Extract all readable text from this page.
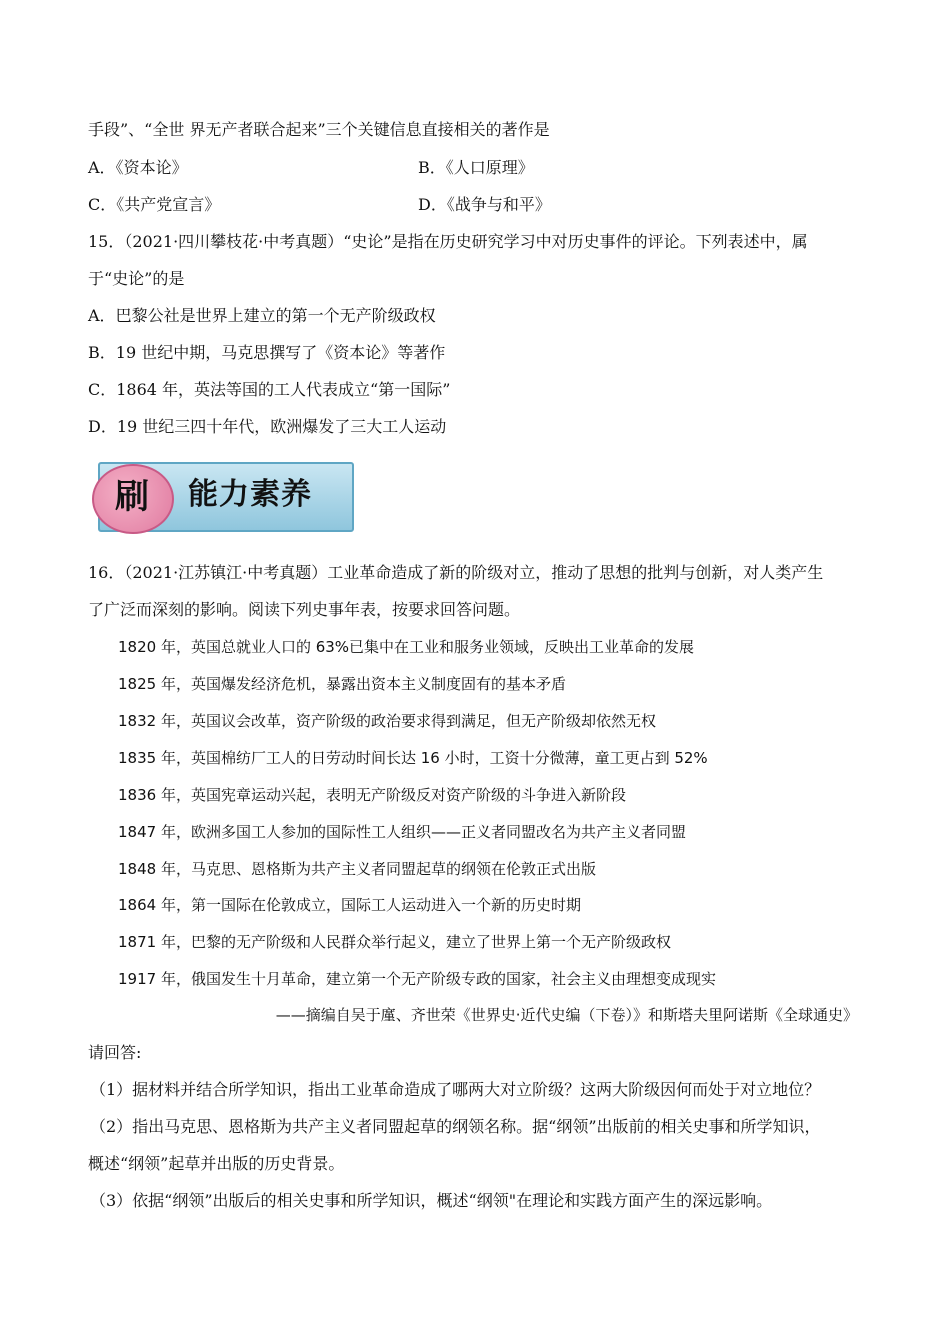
手段”、“全世 界无产者联合起来”三个关键信息直接相关的著作是
A．《资本论》	B．《人口原理》
C．《共产党宣言》	D．《战争与和平》
15．（2021·四川攀枝花·中考真题）“史论”是指在历史研究学习中对历史事件的评论。下列表述中，属
于“史论”的是
A．巴黎公社是世界上建立的第一个无产阶级政权
B．19 世纪中期，马克思撰写了《资本论》等著作
C．1864 年，英法等国的工人代表成立“第一国际”
D．19 世纪三四十年代，欧洲爆发了三大工人运动
刷	能力素养
16．（2021·江苏镇江·中考真题）工业革命造成了新的阶级对立，推动了思想的批判与创新，对人类产生
了广泛而深刻的影响。阅读下列史事年表，按要求回答问题。
1820 年，英国总就业人口的 63%已集中在工业和服务业领域，反映出工业革命的发展
1825 年，英国爆发经济危机，暴露出资本主义制度固有的基本矛盾
1832 年，英国议会改革，资产阶级的政治要求得到满足，但无产阶级却依然无权
1835 年，英国棉纺厂工人的日劳动时间长达 16 小时，工资十分微薄，童工更占到 52%
1836 年，英国宪章运动兴起，表明无产阶级反对资产阶级的斗争进入新阶段
1847 年，欧洲多国工人参加的国际性工人组织——正义者同盟改名为共产主义者同盟
1848 年，马克思、恩格斯为共产主义者同盟起草的纲领在伦敦正式出版
1864 年，第一国际在伦敦成立，国际工人运动进入一个新的历史时期
1871 年，巴黎的无产阶级和人民群众举行起义，建立了世界上第一个无产阶级政权
1917 年，俄国发生十月革命，建立第一个无产阶级专政的国家，社会主义由理想变成现实
——摘编自吴于廑、齐世荣《世界史·近代史编（下卷）》和斯塔夫里阿诺斯《全球通史》
请回答:
（1）据材料并结合所学知识，指出工业革命造成了哪两大对立阶级？这两大阶级因何而处于对立地位？
（2）指出马克思、恩格斯为共产主义者同盟起草的纲领名称。据“纲领”出版前的相关史事和所学知识，
概述“纲领”起草并出版的历史背景。
（3）依据“纲领”出版后的相关史事和所学知识，概述“纲领"在理论和实践方面产生的深远影响。
